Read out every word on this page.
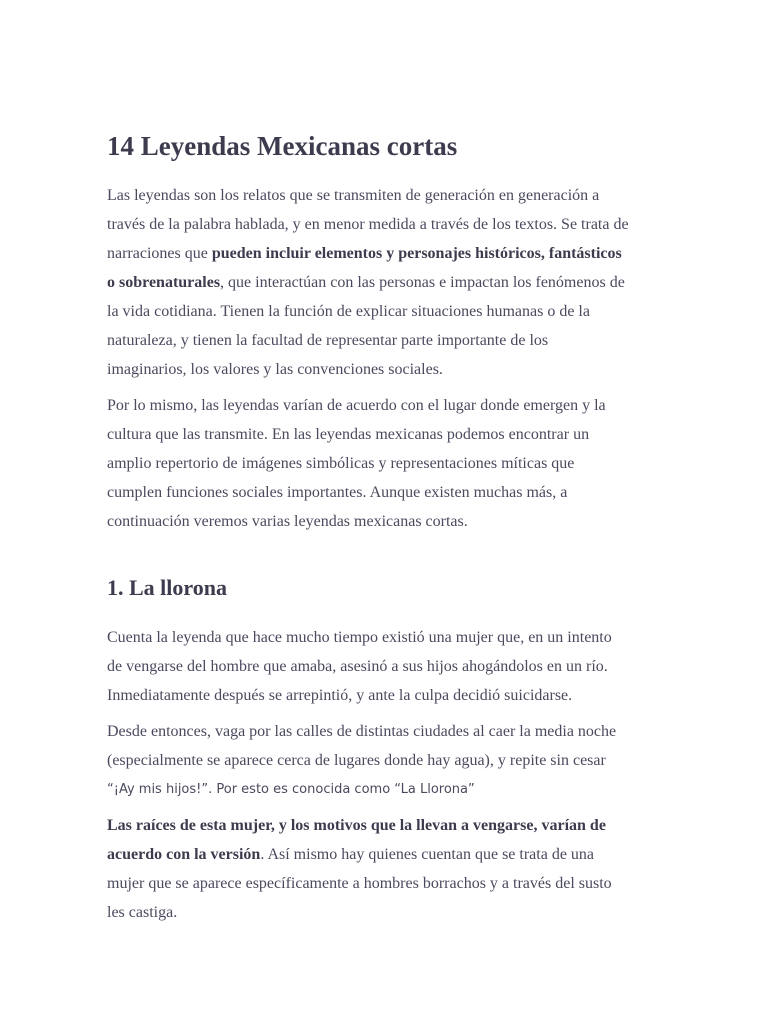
14 Leyendas Mexicanas cortas

Las leyendas son los relatos que se transmiten de generación en generación a
través de la palabra hablada, y en menor medida a través de los textos. Se trata de
narraciones que pueden incluir elementos y personajes históricos, fantásticos
o sobrenaturales, que interactúan con las personas e impactan los fenómenos de
la vida cotidiana. Tienen la función de explicar situaciones humanas o de la
naturaleza, y tienen la facultad de representar parte importante de los
imaginarios, los valores y las convenciones sociales.

Por lo mismo, las leyendas varían de acuerdo con el lugar donde emergen y la
cultura que las transmite. En las leyendas mexicanas podemos encontrar un
amplio repertorio de imágenes simbólicas y representaciones míticas que
cumplen funciones sociales importantes. Aunque existen muchas más, a
continuación veremos varias leyendas mexicanas cortas.

1. La llorona

Cuenta la leyenda que hace mucho tiempo existió una mujer que, en un intento
de vengarse del hombre que amaba, asesinó a sus hijos ahogándolos en un río.
Inmediatamente después se arrepintió, y ante la culpa decidió suicidarse.

Desde entonces, vaga por las calles de distintas ciudades al caer la media noche
(especialmente se aparece cerca de lugares donde hay agua), y repite sin cesar
“¡Ay mis hijos!”. Por esto es conocida como “La Llorona”

Las raíces de esta mujer, y los motivos que la llevan a vengarse, varían de
acuerdo con la versión. Así mismo hay quienes cuentan que se trata de una
mujer que se aparece específicamente a hombres borrachos y a través del susto
les castiga.
